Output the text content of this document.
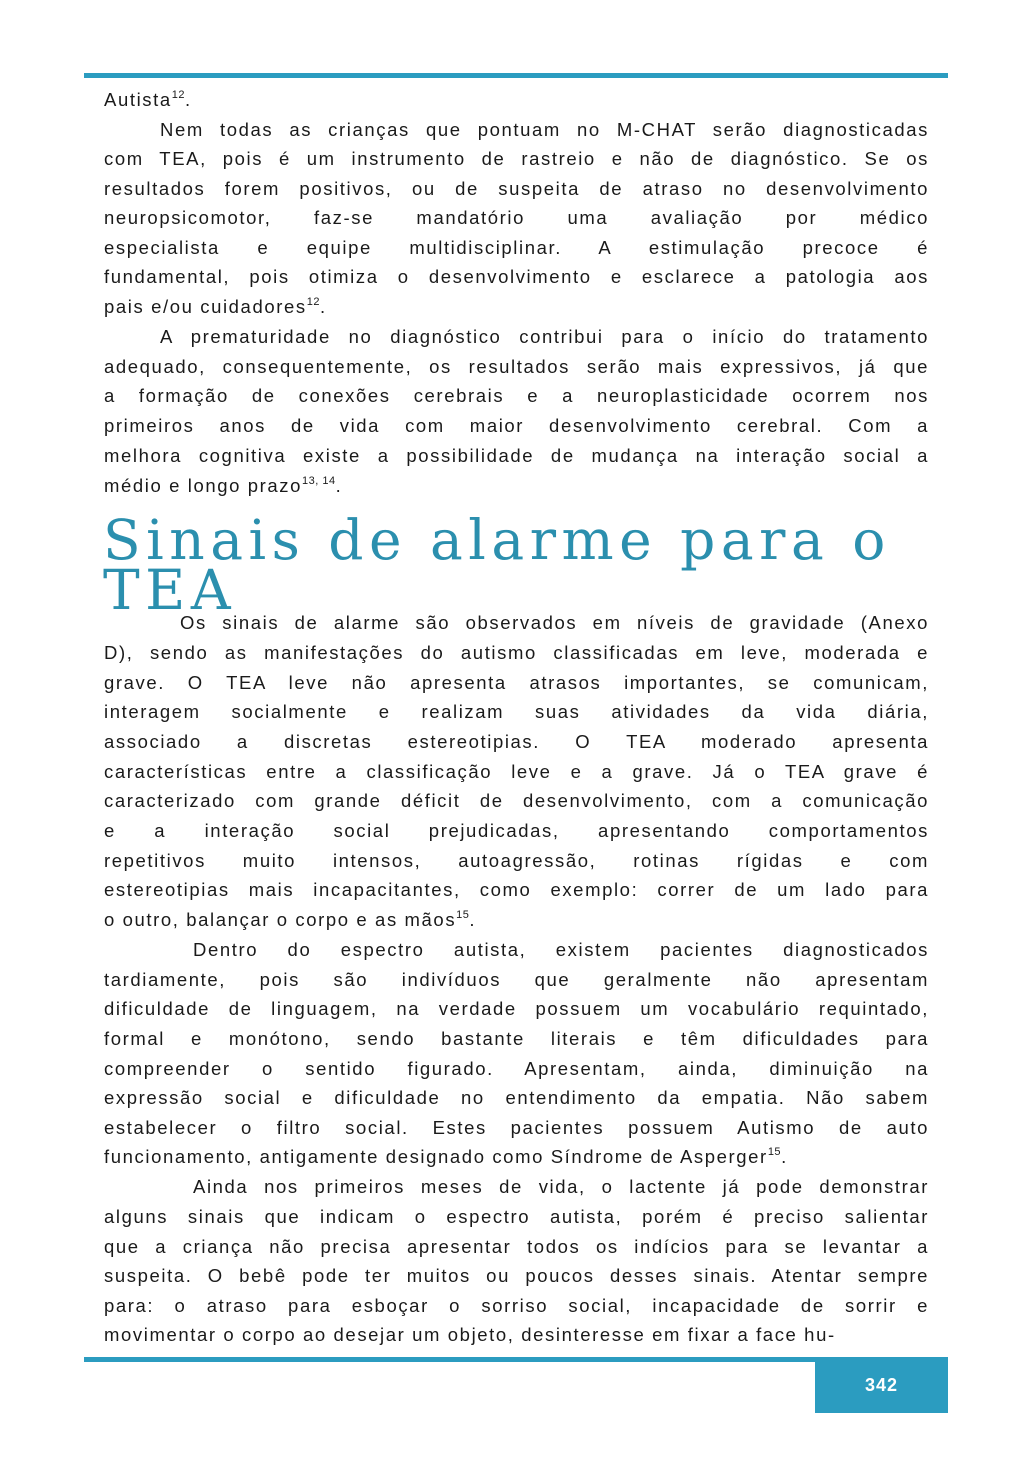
Autista$^{12}$.
Nem todas as crianças que pontuam no M-CHAT serão diagnosticadas
com TEA, pois é um instrumento de rastreio e não de diagnóstico. Se os
resultados forem positivos, ou de suspeita de atraso no desenvolvimento
neuropsicomotor, faz-se mandatório uma avaliação por médico
especialista e equipe multidisciplinar. A estimulação precoce é
fundamental, pois otimiza o desenvolvimento e esclarece a patologia aos
pais e/ou cuidadores$^{12}$.
A prematuridade no diagnóstico contribui para o início do tratamento
adequado, consequentemente, os resultados serão mais expressivos, já que
a formação de conexões cerebrais e a neuroplasticidade ocorrem nos
primeiros anos de vida com maior desenvolvimento cerebral. Com a
melhora cognitiva existe a possibilidade de mudança na interação social a
médio e longo prazo$^{13, 14}$.
Os sinais de alarme são observados em níveis de gravidade (Anexo
D), sendo as manifestações do autismo classificadas em leve, moderada e
grave. O TEA leve não apresenta atrasos importantes, se comunicam,
interagem socialmente e realizam suas atividades da vida diária,
associado a discretas estereotipias. O TEA moderado apresenta
características entre a classificação leve e a grave. Já o TEA grave é
caracterizado com grande déficit de desenvolvimento, com a comunicação
e a interação social prejudicadas, apresentando comportamentos
repetitivos muito intensos, autoagressão, rotinas rígidas e com
estereotipias mais incapacitantes, como exemplo: correr de um lado para
o outro, balançar o corpo e as mãos$^{15}$.
Dentro do espectro autista, existem pacientes diagnosticados
tardiamente, pois são indivíduos que geralmente não apresentam
dificuldade de linguagem, na verdade possuem um vocabulário requintado,
formal e monótono, sendo bastante literais e têm dificuldades para
compreender o sentido figurado. Apresentam, ainda, diminuição na
expressão social e dificuldade no entendimento da empatia. Não sabem
estabelecer o filtro social. Estes pacientes possuem Autismo de auto
funcionamento, antigamente designado como Síndrome de Asperger$^{15}$.
Ainda nos primeiros meses de vida, o lactente já pode demonstrar
alguns sinais que indicam o espectro autista, porém é preciso salientar
que a criança não precisa apresentar todos os indícios para se levantar a
suspeita. O bebê pode ter muitos ou poucos desses sinais. Atentar sempre
para: o atraso para esboçar o sorriso social, incapacidade de sorrir e
movimentar o corpo ao desejar um objeto, desinteresse em fixar a face hu-
Sinais de alarme para o
TEA
342
